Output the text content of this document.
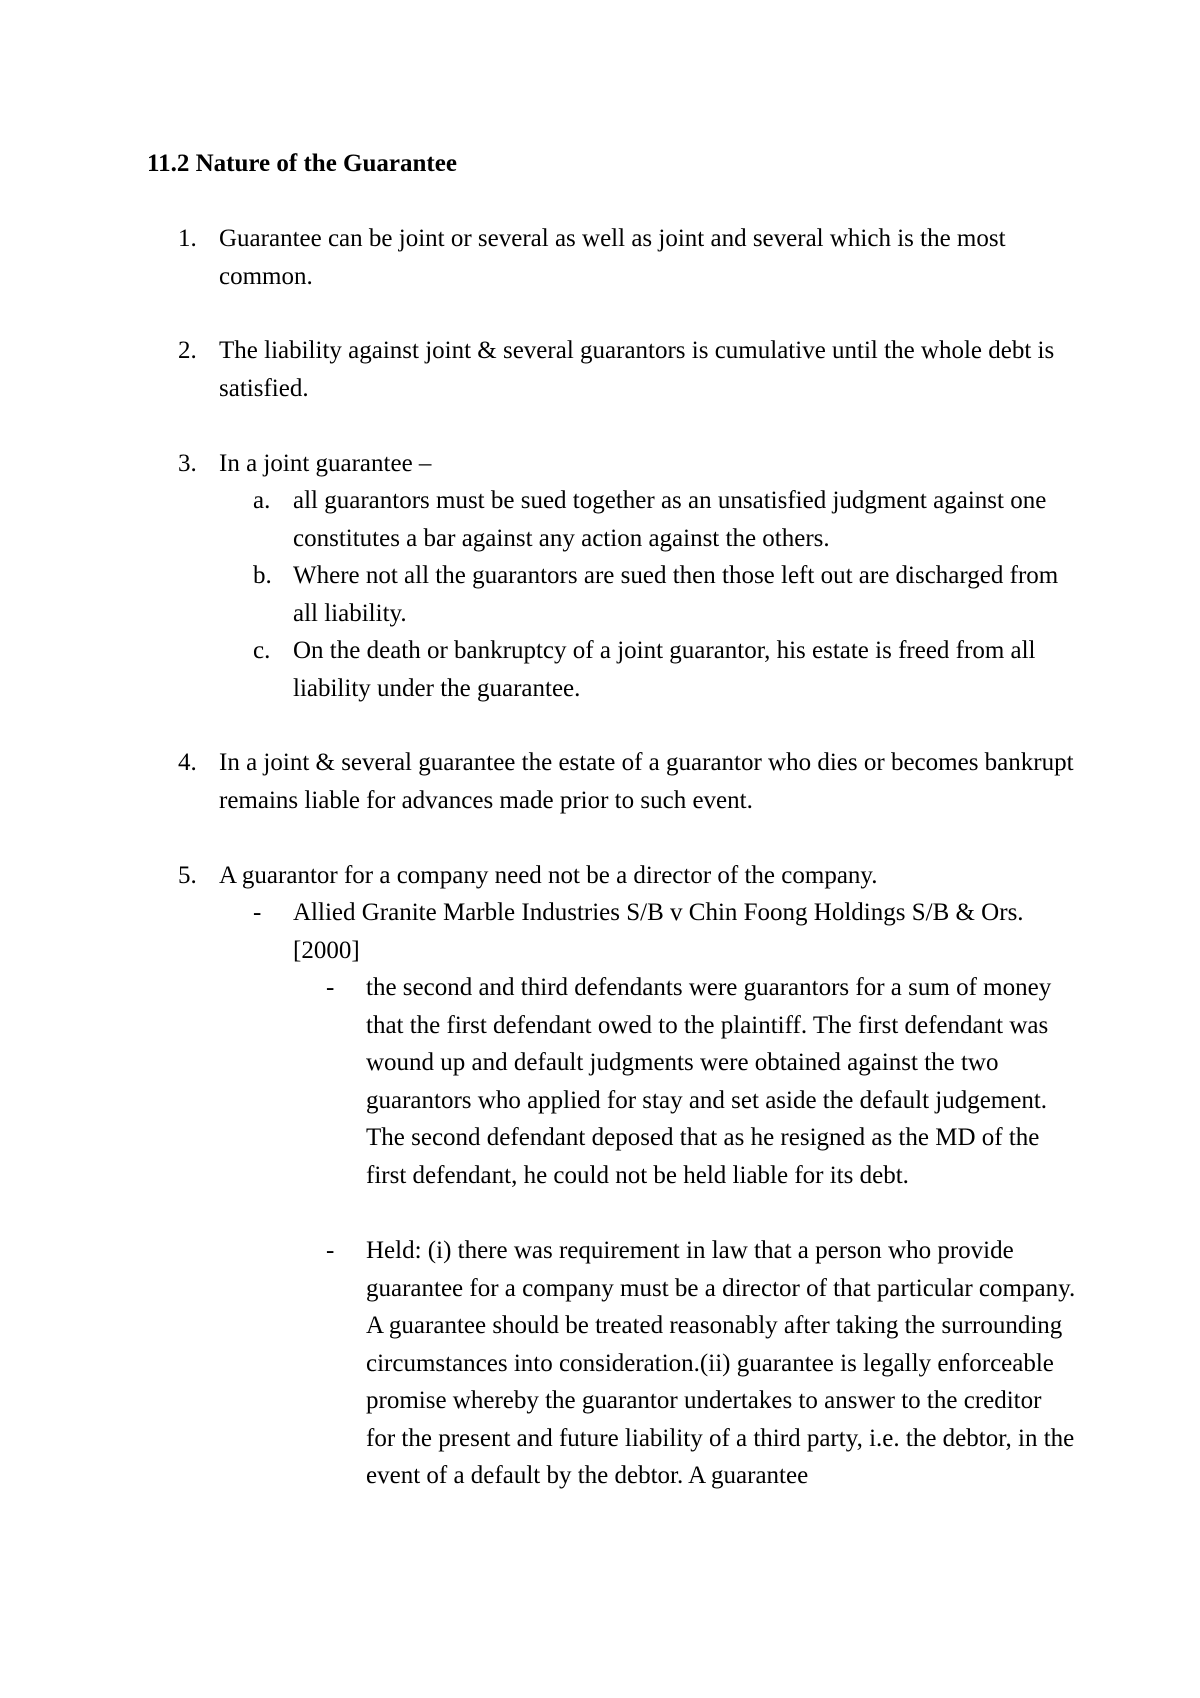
11.2 Nature of the Guarantee
1. Guarantee can be joint or several as well as joint and several which is the most common.
2. The liability against joint & several guarantors is cumulative until the whole debt is satisfied.
3. In a joint guarantee –
a. all guarantors must be sued together as an unsatisfied judgment against one constitutes a bar against any action against the others.
b. Where not all the guarantors are sued then those left out are discharged from all liability.
c. On the death or bankruptcy of a joint guarantor, his estate is freed from all liability under the guarantee.
4. In a joint & several guarantee the estate of a guarantor who dies or becomes bankrupt remains liable for advances made prior to such event.
5. A guarantor for a company need not be a director of the company.
- Allied Granite Marble Industries S/B v Chin Foong Holdings S/B & Ors.[2000]
- the second and third defendants were guarantors for a sum of money that the first defendant owed to the plaintiff. The first defendant was wound up and default judgments were obtained against the two guarantors who applied for stay and set aside the default judgement. The second defendant deposed that as he resigned as the MD of the first defendant, he could not be held liable for its debt.
- Held: (i) there was requirement in law that a person who provide guarantee for a company must be a director of that particular company. A guarantee should be treated reasonably after taking the surrounding circumstances into consideration.(ii) guarantee is legally enforceable promise whereby the guarantor undertakes to answer to the creditor for the present and future liability of a third party, i.e. the debtor, in the event of a default by the debtor. A guarantee
